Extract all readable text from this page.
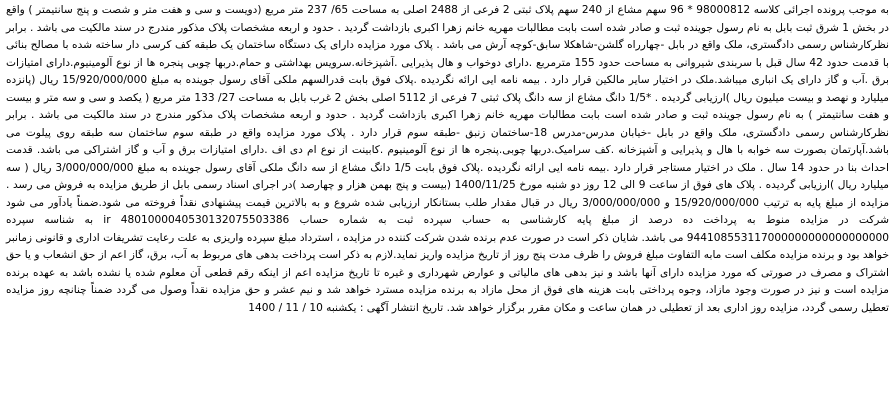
به موجب پرونده اجرائی کلاسه 98000812 * 96 سهم مشاع از 240 سهم پلاک ثبتی 2 فرعی از 2488 اصلی به مساحت 65/ 237 متر مربع (دویست و سی و هفت متر و شصت و پنج سانتیمتر ) واقع در بخش 1 شرق ثبت بابل به نام رسول جوینده ثبت و صادر شده است بابت مطالبات مهریه خانم زهرا اکبری بازداشت گردید . حدود و اربعه مشخصات پلاک مذکور مندرج در سند مالکیت می باشد . برابر نظرکارشناس رسمی دادگستری، ملک واقع در بابل -چهارراه گلشن-شاهکلا سابق-کوچه آرش می باشد . پلاک مورد مزایده دارای یک دستگاه ساختمان یک طبقه کف کرسی دار ساخته شده با مصالح بنائی با قدمت حدود 42 سال قبل با سربندی شیروانی به مساحت حدود 155 مترمربع .دارای دوخواب و هال پذیرایی .آشپزخانه.سرویس بهداشتی و حمام.دربها چوبی پنجره ها از نوع آلومینیوم.دارای امتیازات برق .آب و گاز دارای یک انباری میباشد.ملک در اختیار سایر مالکین قرار دارد . بیمه نامه ایی ارائه نگردیده .پلاک فوق بابت قدرالسهم ملکی آقای رسول جوینده به مبلغ 15/920/000/000 ریال (پانزده میلیارد و نهصد و بیست میلیون ریال )ارزیابی گردیده . *1/5 دانگ مشاع از سه دانگ پلاک ثبتی 7 فرعی از 5112 اصلی بخش 2 غرب بابل به مساحت 27/ 133 متر مربع ( یکصد و سی و سه متر و بیست و هفت سانتیمتر ) به نام رسول جوینده ثبت و صادر شده است بابت مطالبات مهریه خانم زهرا اکبری بازداشت گردید . حدود و اربعه مشخصات پلاک مذکور مندرج در سند مالکیت می باشد . برابر نظرکارشناس رسمی دادگستری، ملک واقع در بابل -خیابان مدرس-مدرس 18-ساختمان زنبق -طبقه سوم قرار دارد . پلاک مورد مزایده واقع در طبقه سوم ساختمان سه طبقه روی پیلوت می باشد.آپارتمان بصورت سه خوابه با هال و پذیرایی و آشپزخانه .کف سرامیک.دربها چوبی.پنجره ها از نوع آلومینیوم .کابینت از نوع ام دی اف .دارای امتیازات برق و آب و گاز اشتراکی می باشد. قدمت احداث بنا در حدود 14 سال . ملک در اختیار مستاجر قرار دارد .بیمه نامه ایی ارائه نگردیده .پلاک فوق بابت 1/5 دانگ مشاع از سه دانگ ملکی آقای رسول جوینده به مبلغ 3/000/000/000 ریال ( سه میلیارد ریال )ارزیابی گردیده . پلاک های فوق از ساعت 9 الی 12 روز دو شنبه مورخ 1400/11/25 (بیست و پنج بهمن هزار و چهارصد )در اجرای اسناد رسمی بابل از طریق مزایده به فروش می رسد . مزایده از مبلغ پایه به ترتیب 15/920/000/000 و 3/000/000/000 ریال در قبال مقدار طلب بستانکار ارزیابی شده شروع و به بالاترین قیمت پیشنهادی نقداً فروخته می شود.ضمناً یادآور می شود شرکت در مزایده منوط به پرداخت ده درصد از مبلغ پایه کارشناسی به حساب سپرده ثبت به شماره حساب 4801000040530132075503386 ir به شناسه سپرده 944108553117000000000000000000 می باشد. شایان ذکر است در صورت عدم برنده شدن شرکت کننده در مزایده ، استرداد مبلغ سپرده واریزی به علت رعایت تشریفات اداری و قانونی زمانبر خواهد بود و برنده مزایده مکلف است مابه التفاوت مبلغ فروش را ظرف مدت پنج روز از تاریخ مزایده واریز نماید.لازم به ذکر است پرداخت بدهی های مربوط به آب، برق، گاز اعم از حق انشعاب و یا حق اشتراک و مصرف در صورتی که مورد مزایده دارای آنها باشد و نیز بدهی های مالیاتی و عوارض شهرداری و غیره تا تاریخ مزایده اعم از اینکه رقم قطعی آن معلوم شده یا نشده باشد به عهده برنده مزایده است و نیز در صورت وجود مازاد، وجوه پرداختی بابت هزینه های فوق از محل مازاد به برنده مزایده مسترد خواهد شد و نیم عشر و حق مزایده نقداً وصول می گردد ضمناً چنانچه روز مزایده تعطیل رسمی گردد، مزایده روز اداری بعد از تعطیلی در همان ساعت و مکان مقرر برگزار خواهد شد. تاریخ انتشار آگهی : یکشنبه 10 / 11 / 1400
